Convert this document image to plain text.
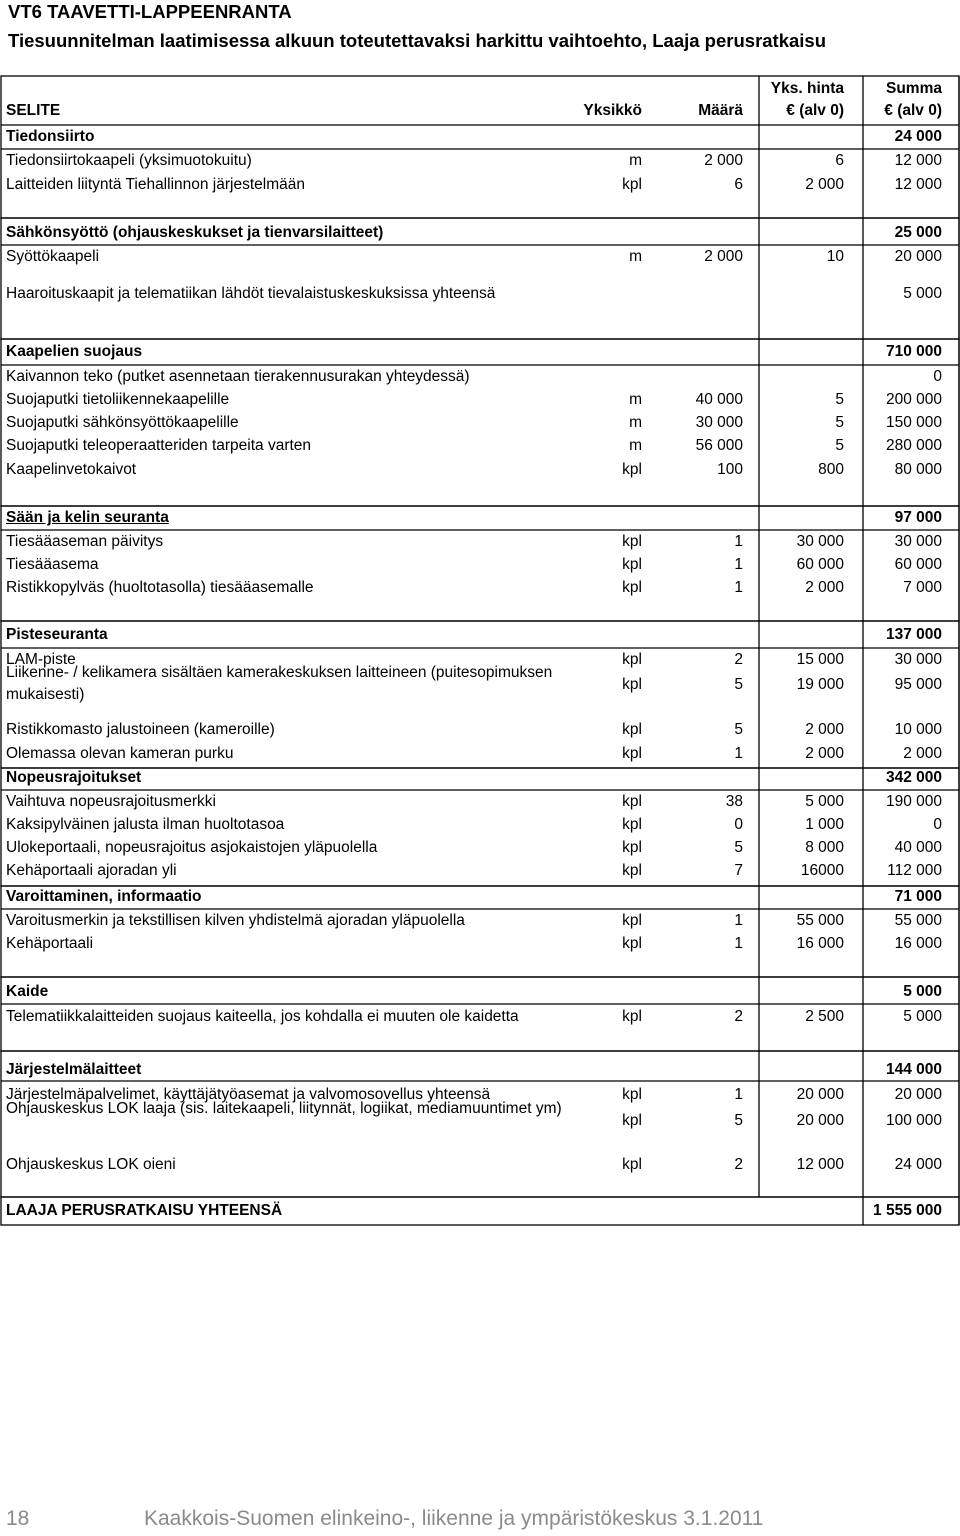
VT6 TAAVETTI-LAPPEENRANTA
Tiesuunnitelman laatimisessa alkuun toteutettavaksi harkittu vaihtoehto, Laaja perusratkaisu
Yks. hinta	Summa
SELITE	Yksikkö	Määrä	€ (alv 0)	€ (alv 0)
Tiedonsiirto	24 000
Tiedonsiirtokaapeli (yksimuotokuitu)	m	2 000	6	12 000
Laitteiden liityntä Tiehallinnon järjestelmään	kpl	6	2 000	12 000
Sähkönsyöttö (ohjauskeskukset ja tienvarsilaitteet)	25 000
Syöttökaapeli	m	2 000	10	20 000
Haaroituskaapit ja telematiikan lähdöt tievalaistuskeskuksissa yhteensä	5 000
Kaapelien suojaus	710 000
Kaivannon teko (putket asennetaan tierakennusurakan yhteydessä)	0
Suojaputki tietoliikennekaapelille	m	40 000	5	200 000
Suojaputki sähkönsyöttökaapelille	m	30 000	5	150 000
Suojaputki teleoperaatteriden tarpeita varten	m	56 000	5	280 000
Kaapelinvetokaivot	kpl	100	800	80 000
Sään ja kelin seuranta	97 000
Tiesääaseman päivitys	kpl	1	30 000	30 000
Tiesääasema	kpl	1	60 000	60 000
Ristikkopylväs (huoltotasolla) tiesääasemalle	kpl	1	2 000	7 000
Pisteseuranta	137 000
LAM-piste	kpl	2	15 000	30 000
Liikenne- / kelikamera sisältäen kamerakeskuksen laitteineen (puitesopimuksen mukaisesti)
kpl	5	19 000	95 000
Ristikkomasto jalustoineen (kameroille)	kpl	5	2 000	10 000
Olemassa olevan kameran purku	kpl	1	2 000	2 000
Nopeusrajoitukset	342 000
Vaihtuva nopeusrajoitusmerkki	kpl	38	5 000	190 000
Kaksipylväinen jalusta ilman huoltotasoa	kpl	0	1 000	0
Ulokeportaali, nopeusrajoitus asjokaistojen yläpuolella	kpl	5	8 000	40 000
Kehäportaali ajoradan yli	kpl	7	16000	112 000
Varoittaminen, informaatio	71 000
Varoitusmerkin ja tekstillisen kilven yhdistelmä ajoradan yläpuolella	kpl	1	55 000	55 000
Kehäportaali	kpl	1	16 000	16 000
Kaide	5 000
Telematiikkalaitteiden suojaus kaiteella, jos kohdalla ei muuten ole kaidetta	kpl	2	2 500	5 000
Järjestelmälaitteet	144 000
Järjestelmäpalvelimet, käyttäjätyöasemat ja valvomosovellus yhteensä	kpl	1	20 000	20 000
Ohjauskeskus LOK laaja (sis. laitekaapeli, liitynnät, logiikat, mediamuuntimet ym)
kpl	5	20 000	100 000
Ohjauskeskus LOK oieni	kpl	2	12 000	24 000
LAAJA PERUSRATKAISU YHTEENSÄ	1 555 000
18	Kaakkois-Suomen elinkeino-, liikenne ja ympäristökeskus 3.1.2011
